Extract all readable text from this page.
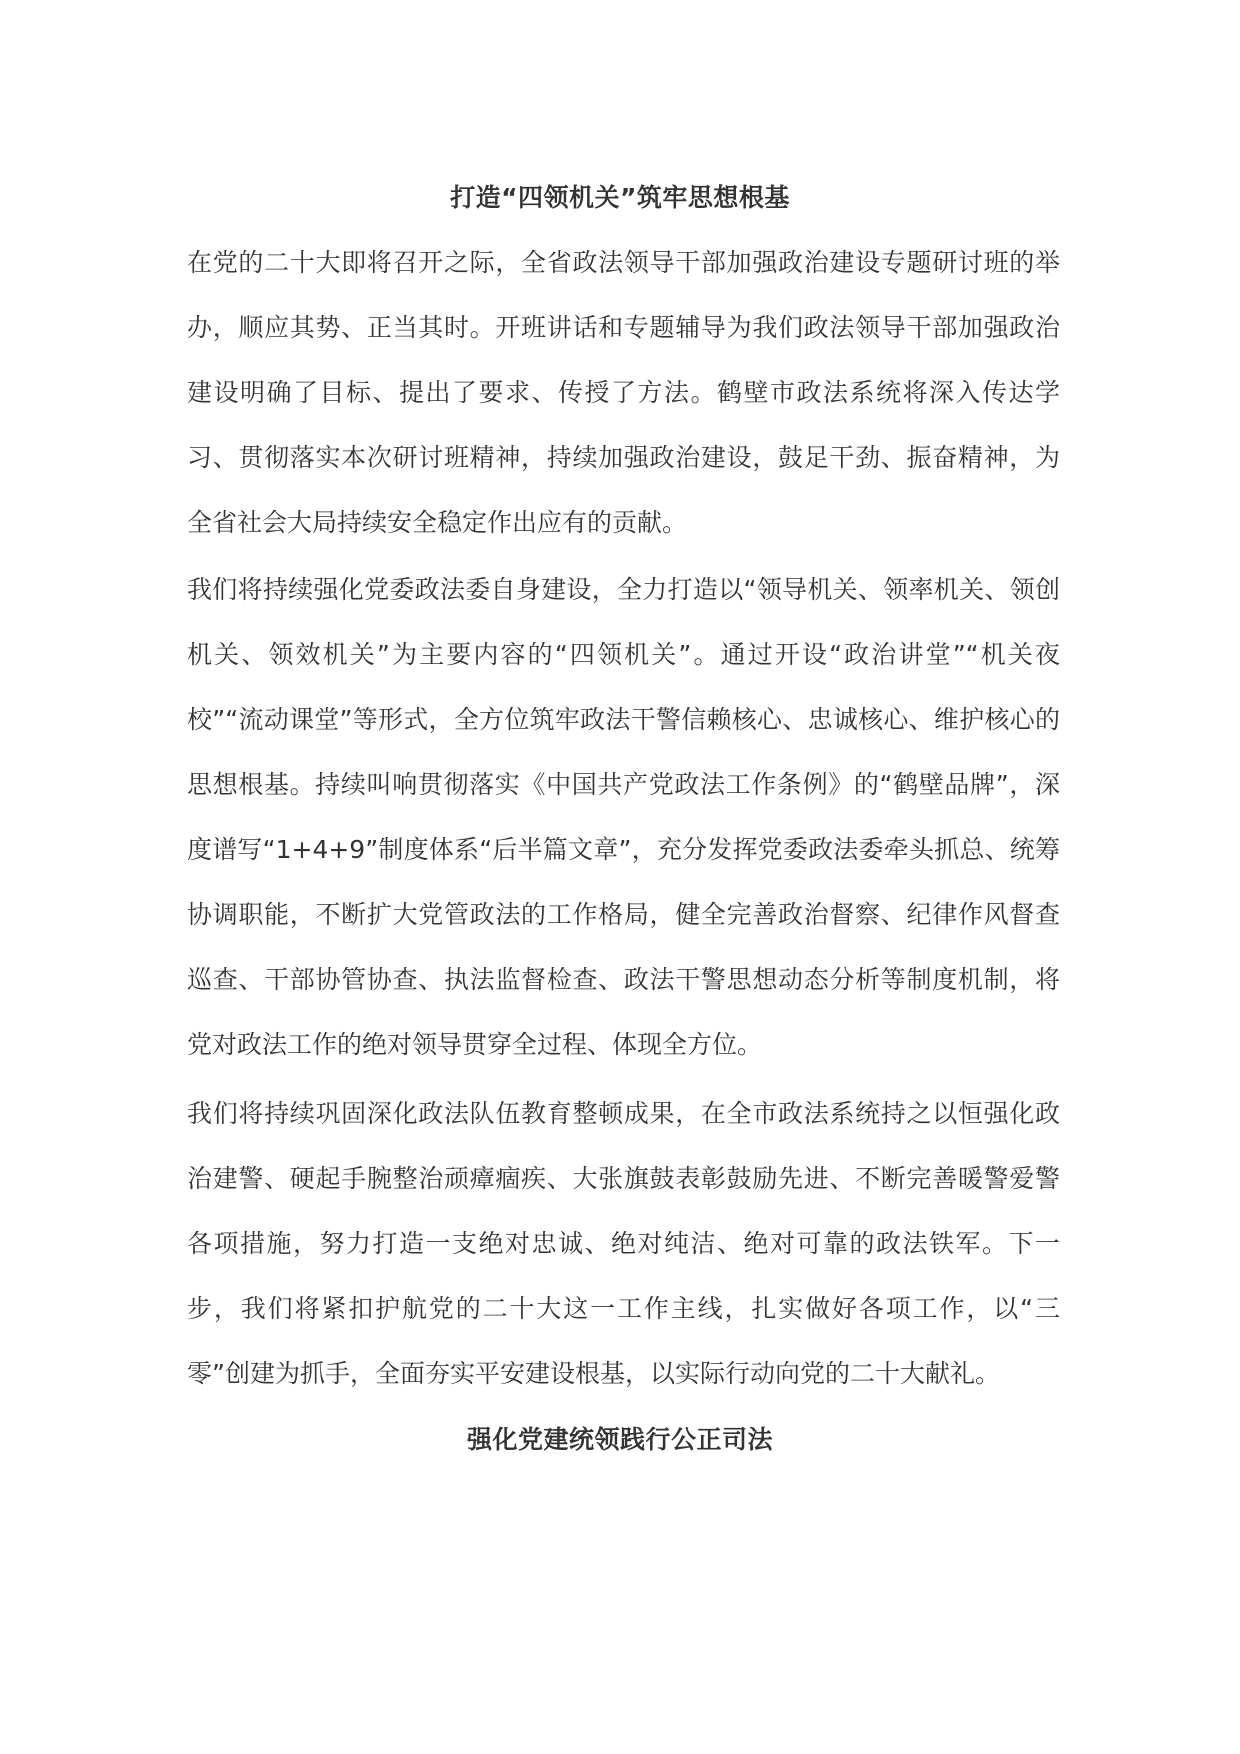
打造“四领机关”筑牢思想根基

在党的二十大即将召开之际，全省政法领导干部加强政治建设专题研讨班的举办，顺应其势、正当其时。开班讲话和专题辅导为我们政法领导干部加强政治建设明确了目标、提出了要求、传授了方法。鹤壁市政法系统将深入传达学习、贯彻落实本次研讨班精神，持续加强政治建设，鼓足干劲、振奋精神，为全省社会大局持续安全稳定作出应有的贡献。

我们将持续强化党委政法委自身建设，全力打造以“领导机关、领率机关、领创机关、领效机关”为主要内容的“四领机关”。通过开设“政治讲堂”“机关夜校”“流动课堂”等形式，全方位筑牢政法干警信赖核心、忠诚核心、维护核心的思想根基。持续叫响贯彻落实《中国共产党政法工作条例》的“鹤壁品牌”，深度谱写“1+4+9”制度体系“后半篇文章”，充分发挥党委政法委牵头抓总、统筹协调职能，不断扩大党管政法的工作格局，健全完善政治督察、纪律作风督查巡查、干部协管协查、执法监督检查、政法干警思想动态分析等制度机制，将党对政法工作的绝对领导贯穿全过程、体现全方位。

我们将持续巩固深化政法队伍教育整顿成果，在全市政法系统持之以恒强化政治建警、硬起手腕整治顽瘴痼疾、大张旗鼓表彰鼓励先进、不断完善暖警爱警各项措施，努力打造一支绝对忠诚、绝对纯洁、绝对可靠的政法铁军。下一步，我们将紧扣护航党的二十大这一工作主线，扎实做好各项工作，以“三零”创建为抓手，全面夯实平安建设根基，以实际行动向党的二十大献礼。

强化党建统领践行公正司法
